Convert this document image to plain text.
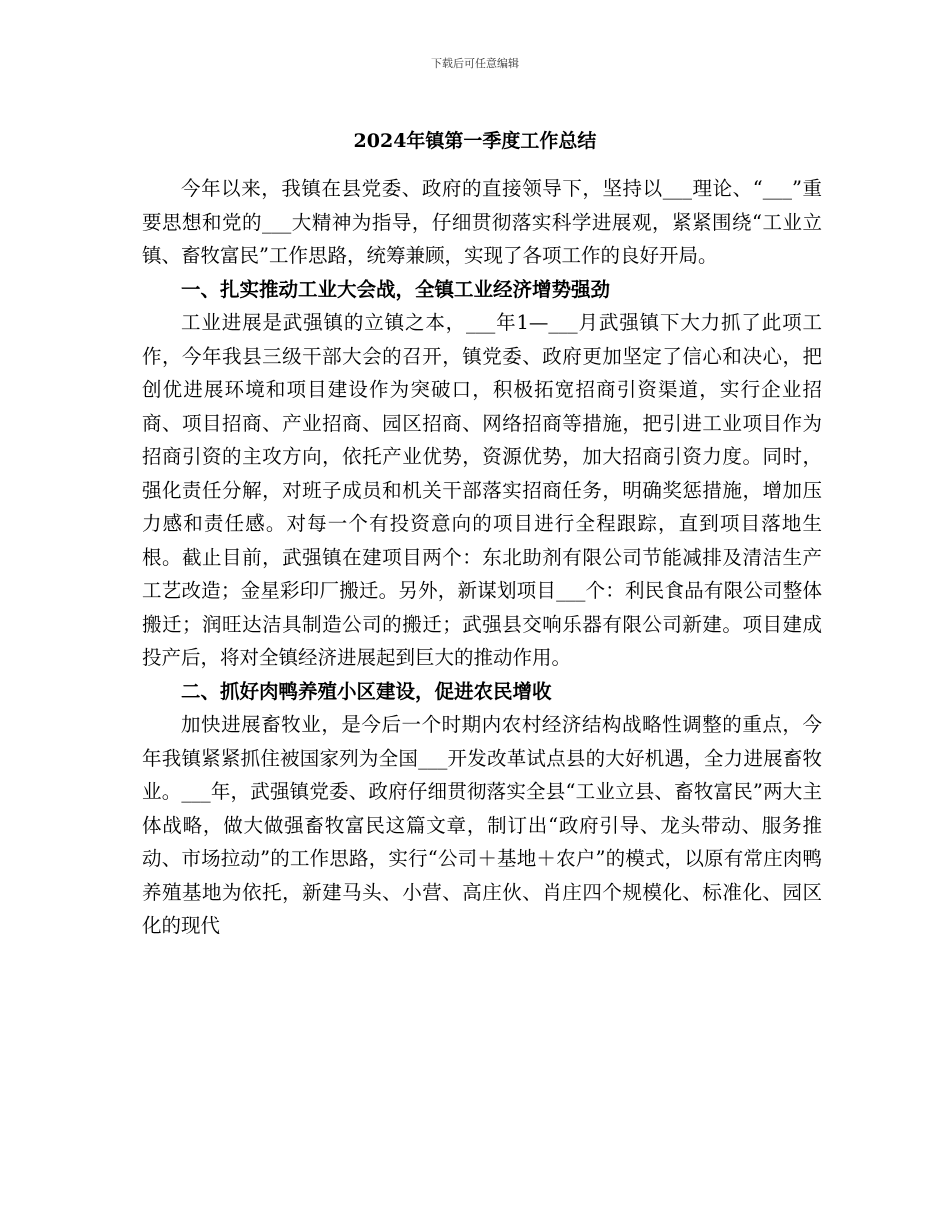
下载后可任意编辑
2024年镇第一季度工作总结

今年以来，我镇在县党委、政府的直接领导下，坚持以___理论、“___”重要思想和党的___大精神为指导，仔细贯彻落实科学进展观，紧紧围绕“工业立镇、畜牧富民”工作思路，统筹兼顾，实现了各项工作的良好开局。

一、扎实推动工业大会战，全镇工业经济增势强劲

工业进展是武强镇的立镇之本，___年1—___月武强镇下大力抓了此项工作，今年我县三级干部大会的召开，镇党委、政府更加坚定了信心和决心，把创优进展环境和项目建设作为突破口，积极拓宽招商引资渠道，实行企业招商、项目招商、产业招商、园区招商、网络招商等措施，把引进工业项目作为招商引资的主攻方向，依托产业优势，资源优势，加大招商引资力度。同时，强化责任分解，对班子成员和机关干部落实招商任务，明确奖惩措施，增加压力感和责任感。对每一个有投资意向的项目进行全程跟踪，直到项目落地生根。截止目前，武强镇在建项目两个：东北助剂有限公司节能减排及清洁生产工艺改造；金星彩印厂搬迁。另外，新谋划项目___个：利民食品有限公司整体搬迁；润旺达洁具制造公司的搬迁；武强县交响乐器有限公司新建。项目建成投产后，将对全镇经济进展起到巨大的推动作用。

二、抓好肉鸭养殖小区建设，促进农民增收

加快进展畜牧业，是今后一个时期内农村经济结构战略性调整的重点，今年我镇紧紧抓住被国家列为全国___开发改革试点县的大好机遇，全力进展畜牧业。___年，武强镇党委、政府仔细贯彻落实全县“工业立县、畜牧富民”两大主体战略，做大做强畜牧富民这篇文章，制订出“政府引导、龙头带动、服务推动、市场拉动”的工作思路，实行“公司＋基地＋农户”的模式，以原有常庄肉鸭养殖基地为依托，新建马头、小营、高庄伙、肖庄四个规模化、标准化、园区化的现代
